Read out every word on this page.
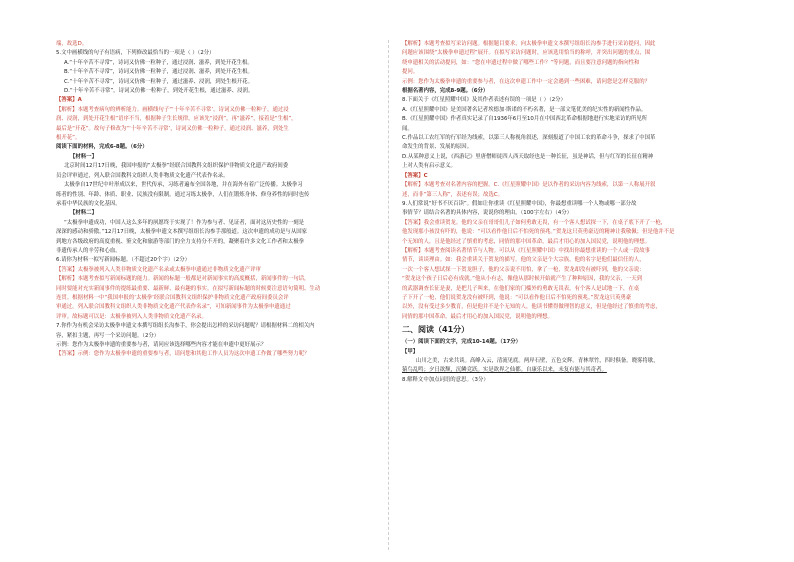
端，故选D。
5.文中画横线的句子有语病，下列修改最恰当的一项是（ ）（2分）
A.“十年辛苦不寻常”，诗词又仿佛一粒种子，通过浸润、滋养，到处开花生根。
B.“十年辛苦不寻常”，诗词又仿佛一粒种子，通过浸润、滋养，到处开花生根。
C.“十年辛苦不寻常”，诗词又仿佛一粒种子，通过滋养、浸润，到处生根开花。
D.“十年辛苦不寻常”，诗词又仿佛一粒种子，到处开花生根，通过滋养、浸润。
【答案】A
【解析】本题考查病句的辨析能力。画横线句子“‘十年辛苦不寻常’，诗词又仿佛一粒种子，通过浸
润、浸润，到处开花生根”语序不当，根据种子生长规律，应该先“浸润”，再“滋养”，接着是“生根”，
最后是“开花”。故句子修改为“‘十年辛苦不寻常’，诗词又仿佛一粒种子，通过浸润、滋养，到处生
根开花”。
阅读下面的材料，完成6-8题。（6分）
【材料一】
北京时间12月17日晚，我国申报的“太极拳”经联合国教科文组织保护非物质文化遗产政府间委
员会评审通过，列入联合国教科文组织人类非物质文化遗产代表作名录。
太极拳自17世纪中叶形成以来，世代传承，习练者遍布全国各地，并在海外有着广泛传播。太极拳习
练者的性别、年龄、体质、职业、民族没有限制。通过习练太极拳，人们在锻炼身体、修身养性的同时也传
承着中华民族的文化基因。
【材料二】
“太极拳申遗成功，中国人这么多年的夙愿终于实现了！作为参与者、见证者，面对这历史性的一刻是
深深的感动和骄傲。”12月17日晚，太极拳申遗文本撰写组组长沟参手那般道。这次申遗的成功是与从国家
到地方各级政府的高度重视、鉴文化和旅游等部门的全力支持分不开的，凝聚着许多文化工作者和太极拳
非遗传承人的辛劳和心血。
6.请你为材料一拟写新闻标题。（不超过20个字）（2分）
【答案】太极拳被列入人类非物质文化遗产名录或太极拳申遗通过非物质文化遗产评审
【解析】本题考查拟写新闻标题的能力。新闻的标题一般都是对新闻事实的高度概括，新闻事件的一句话，
同时要能对充实新闻事件的提练最重要、最新鲜、最有趣的事实。在拟写新闻标题的时候要注意语句简明、生动
连贯。根据材料一中“我国申报的‘太极拳’经联合国教科文组织保护非物质文化遗产政府间委员会评
审通过，列入联合国教科文组织人类非物质文化遗产代表作名录”，可知新闻事件为太极拳申遗通过
评审。故标题可以是：太极拳被列入人类非物质文化遗产名录。
7.你作为有机会采访太极拳申遗文本撰写组组长沟参手，你会提出怎样的采访问题呢？请根据材料二的相关内
容，紧扣主题，再写一个采访问题。（2分）
示例：您作为太极拳申遗的重要参与者，请问应该选择哪些内容才能在申遗中更好展示？
【答案】示例：您作为太极拳申遗的重要参与者，请问您和其他工作人员为这次申遗工作做了哪些努力呢？
【解析】本题考查拟写采访问题。根据题目要求，向太极拳申遗文本撰写组组长沟参手进行采访提问，因此
问题应该围绕“太极拳申遗过程”展开。在拟写采访问题时，应该选用恰当的称呼，并突出问题的重点，围
绕申遗相关的活动提问，如：“您在申遗过程中做了哪些工作？”等问题，而且要注意问题的指向性和
提问。
示例：您作为太极拳申遗的重要参与者，在这次申遗工作中一定会遇到一些困难，请问您是怎样克服的？
根据名著内容，完成8-9题。（6分）
8.下面关于《红星照耀中国》及其作者表述有误的一项是（ ）（2分）
A.《红星照耀中国》是美国著名记者埃德加·斯诺的不朽名著，是一部文笔优美的纪实性的新闻性作品。
B.《红星照耀中国》作者真实记录了自1936年6月至10月在中国西北革命根据地进行实地采访的所见所
闻。
C.作品以工农红军的行军经为线索，以第三人称视角叙述，深刻报道了中国工农的革命斗争，探求了中国革
命发生的背景、发展的原因。
D.从某种意义上说，《西游记》里唐僧师徒四人西天取经也是一种长征，虽是神话，但与红军的长征在精神
上对人类有启示意义。
【答案】C
【解析】本题考查对名著内容的把握。C.《红星照耀中国》是以作者的采访内容为线索，以第一人称展开叙
述，而非“第三人称”，表述有误；故选C。
9.人们常说“好书不厌百读”。假如让你重读《红星照耀中国》，你最想重读哪一个人物或哪一部分故
事情节？请结合名著的具体内容，说说你的理由。（100字左右）（4分）
【答案】我会重读贺龙。他的父亲在哥哥们儿子如何勇敢无畏，有一个客人想试探一下，在桌子底下开了一枪，
他发现那小孩没有吓的，他说：“可以看作他日后不怕死的预兆。”贺龙这只英勇豪迈的精神让我敬佩；但是他并不是
个无知的人，且是他经过了慎重的考虑，同情的那中国革命，最后才用心的加入国民党，说明他的理想。
【解析】本题考查阅读名著情节与人物。可以从《红星照耀中国》中找出你最想重读的一个人或一段故事
情节，谈谈理由。如：我会重读关于贺龙的描写。他的父亲是个大宗族，他的名字是他们最信任的人，
一次一个客人想试探一下贺龙胆子，他的父亲说不用怕，拿了一枪，贺龙却没有被吓到，他的父亲说：
“贺龙这个孩子日后必有成就。”他从小有志，像他从那时候开始就产生了种种原因，我的父亲，一天到
的武器调查长征是妻，是把儿子叫来，在他们家的门槛外的勇敢无畏表，有个客人是试地一下，在桌
子下开了一枪，他们说贺龙没有被吓到，他说：“可以看作他日后不怕死的预兆。”贺龙这只英勇豪
以外，没有受过多少教育，但是他并不是个无知的人，他读书懂得做理智的意义，但是他经过了慎重的考虑，
同情的那中国革命，最后才用心的加入国民党，说明他的理想。
二、阅读（41分）
（一）阅读下面的文字，完成10-14题。（17分）
【甲】
山川之美，古来共谈。高峰入云，清流见底。两岸石壁，五色交辉。青林翠竹，四时俱备。晓雾将歇，
猿鸟乱鸣；夕日欲颓，沉鳞竞跃。实是欲界之仙都。自康乐以来，未复有能与其奇者。
8.解释文中加点词语的意思。（3分）
